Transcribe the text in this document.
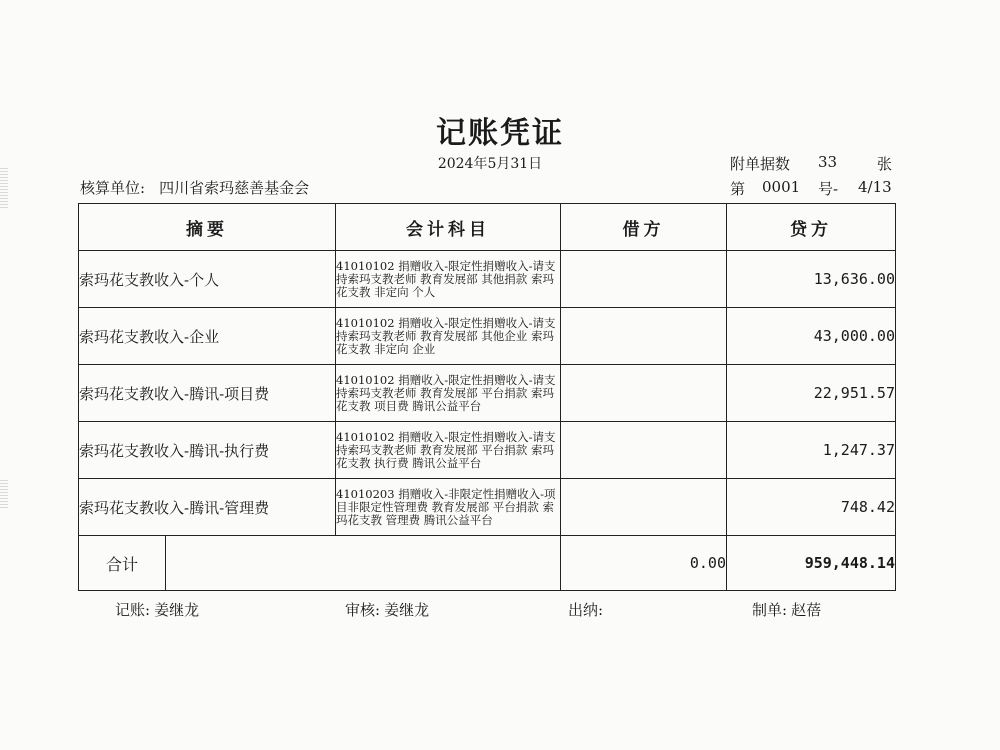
记账凭证
2024年5月31日	附单据数 33	张
核算单位: 四川省索玛慈善基金会	第 0001 号- 4/13
摘要	会计科目	借方	贷方
索玛花支教收入-个人	41010102 捐赠收入-限定性捐赠收入-请支持索玛支教老师 教育发展部 其他捐款 索玛花支教 非定向 个人		13,636.00
索玛花支教收入-企业	41010102 捐赠收入-限定性捐赠收入-请支持索玛支教老师 教育发展部 其他企业 索玛花支教 非定向 企业		43,000.00
索玛花支教收入-腾讯-项目费	41010102 捐赠收入-限定性捐赠收入-请支持索玛支教老师 教育发展部 平台捐款 索玛花支教 项目费 腾讯公益平台		22,951.57
索玛花支教收入-腾讯-执行费	41010102 捐赠收入-限定性捐赠收入-请支持索玛支教老师 教育发展部 平台捐款 索玛花支教 执行费 腾讯公益平台		1,247.37
索玛花支教收入-腾讯-管理费	41010203 捐赠收入-非限定性捐赠收入-项目非限定性管理费 教育发展部 平台捐款 索玛花支教 管理费 腾讯公益平台		748.42

合计		0.00	959,448.14
记账: 姜继龙	审核: 姜继龙	出纳:	制单: 赵蓓
